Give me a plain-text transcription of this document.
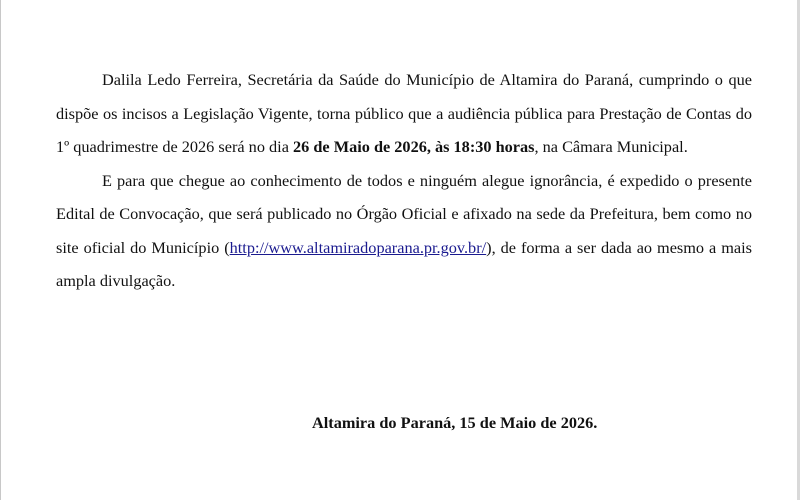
Dalila Ledo Ferreira, Secretária da Saúde do Município de Altamira do Paraná, cumprindo o que dispõe os incisos a Legislação Vigente, torna público que a audiência pública para Prestação de Contas do 1º quadrimestre de 2026 será no dia 26 de Maio de 2026, às 18:30 horas, na Câmara Municipal.

E para que chegue ao conhecimento de todos e ninguém alegue ignorância, é expedido o presente Edital de Convocação, que será publicado no Órgão Oficial e afixado na sede da Prefeitura, bem como no site oficial do Município (http://www.altamiradoparana.pr.gov.br/), de forma a ser dada ao mesmo a mais ampla divulgação.

Altamira do Paraná, 15 de Maio de 2026.
